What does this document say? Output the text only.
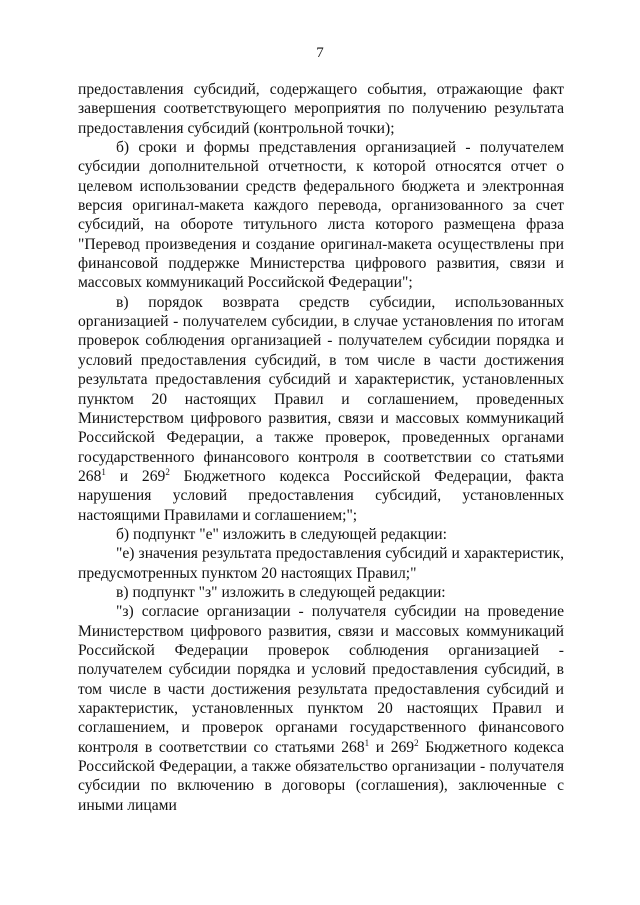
7

предоставления субсидий, содержащего события, отражающие факт завершения соответствующего мероприятия по получению результата предоставления субсидий (контрольной точки);

б) сроки и формы представления организацией - получателем субсидии дополнительной отчетности, к которой относятся отчет о целевом использовании средств федерального бюджета и электронная версия оригинал-макета каждого перевода, организованного за счет субсидий, на обороте титульного листа которого размещена фраза "Перевод произведения и создание оригинал-макета осуществлены при финансовой поддержке Министерства цифрового развития, связи и массовых коммуникаций Российской Федерации";

в) порядок возврата средств субсидии, использованных организацией - получателем субсидии, в случае установления по итогам проверок соблюдения организацией - получателем субсидии порядка и условий предоставления субсидий, в том числе в части достижения результата предоставления субсидий и характеристик, установленных пунктом 20 настоящих Правил и соглашением, проведенных Министерством цифрового развития, связи и массовых коммуникаций Российской Федерации, а также проверок, проведенных органами государственного финансового контроля в соответствии со статьями $268^1$ и $269^2$ Бюджетного кодекса Российской Федерации, факта нарушения условий предоставления субсидий, установленных настоящими Правилами и соглашением;";

б) подпункт "е" изложить в следующей редакции:

"е) значения результата предоставления субсидий и характеристик, предусмотренных пунктом 20 настоящих Правил;"

в) подпункт "з" изложить в следующей редакции:

"з) согласие организации - получателя субсидии на проведение Министерством цифрового развития, связи и массовых коммуникаций Российской Федерации проверок соблюдения организацией - получателем субсидии порядка и условий предоставления субсидий, в том числе в части достижения результата предоставления субсидий и характеристик, установленных пунктом 20 настоящих Правил и соглашением, и проверок органами государственного финансового контроля в соответствии со статьями $268^1$ и $269^2$ Бюджетного кодекса Российской Федерации, а также обязательство организации - получателя субсидии по включению в договоры (соглашения), заключенные с иными лицами
